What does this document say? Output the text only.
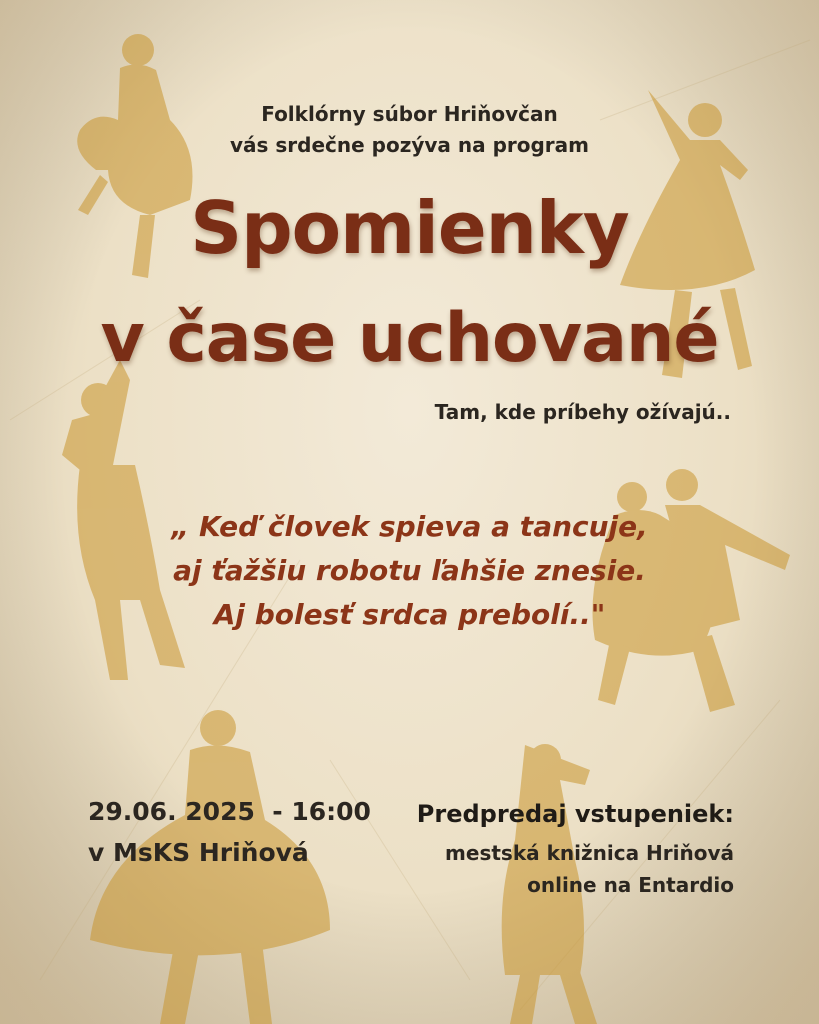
Folklórny súbor Hriňovčan
vás srdečne pozýva na program
Spomienky
v čase uchované
Tam, kde príbehy ožívajú..
„ Keď človek spieva a tancuje,
aj ťažšiu robotu ľahšie znesie.
Aj bolesť srdca prebolí.."
29.06. 2025  - 16:00
v MsKS Hriňová
Predpredaj vstupeniek:
mestská knižnica Hriňová
online na Entardio
